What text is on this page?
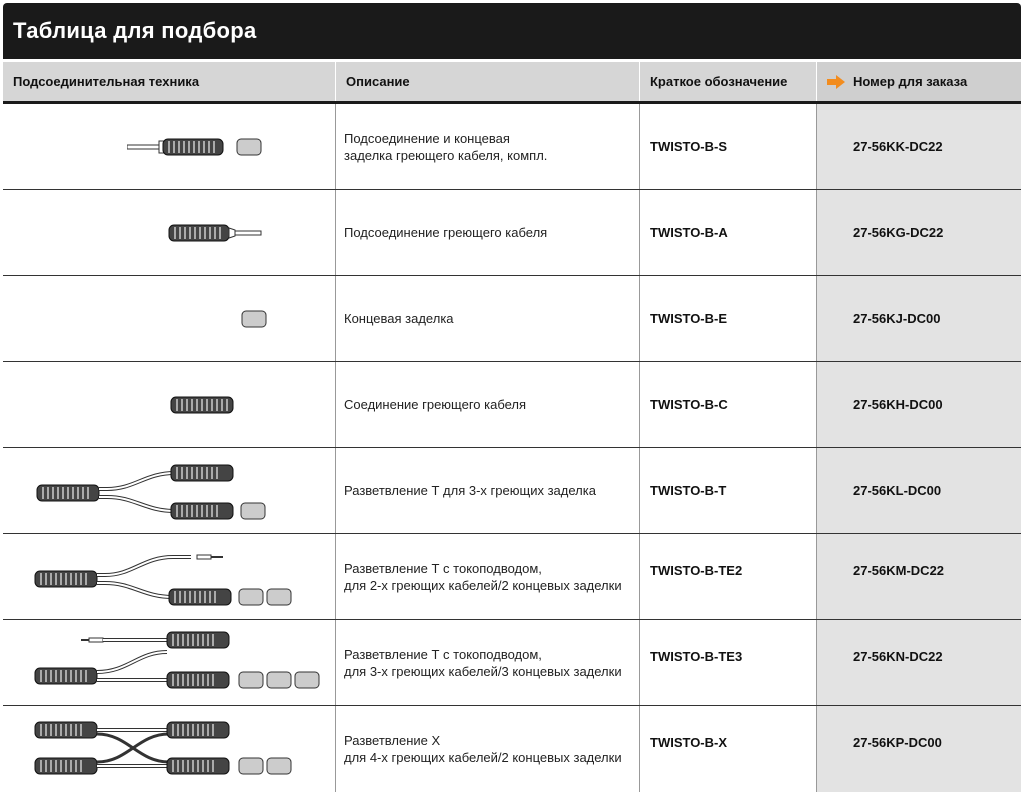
Таблица для подбора
Подсоединительная техника	Описание	Краткое обозначение	Номер для заказа
Подсоединение и концевая
заделка греющего кабеля, компл.
TWISTO-B-S	27-56KK-DC22
Подсоединение греющего кабеля	TWISTO-B-A	27-56KG-DC22
Концевая заделка	TWISTO-B-E	27-56KJ-DC00
Соединение греющего кабеля	TWISTO-B-C	27-56KH-DC00
Разветвление Т для 3-х греющих заделка	TWISTO-B-T	27-56KL-DC00
Разветвление Т с токоподводом,
для 2-х греющих кабелей/2 концевых заделки
TWISTO-B-TE2	27-56KM-DC22
Разветвление Т с токоподводом,
для 3-х греющих кабелей/3 концевых заделки
TWISTO-B-TE3	27-56KN-DC22
Разветвление X
для 4-х греющих кабелей/2 концевых заделки
TWISTO-B-X	27-56KP-DC00
